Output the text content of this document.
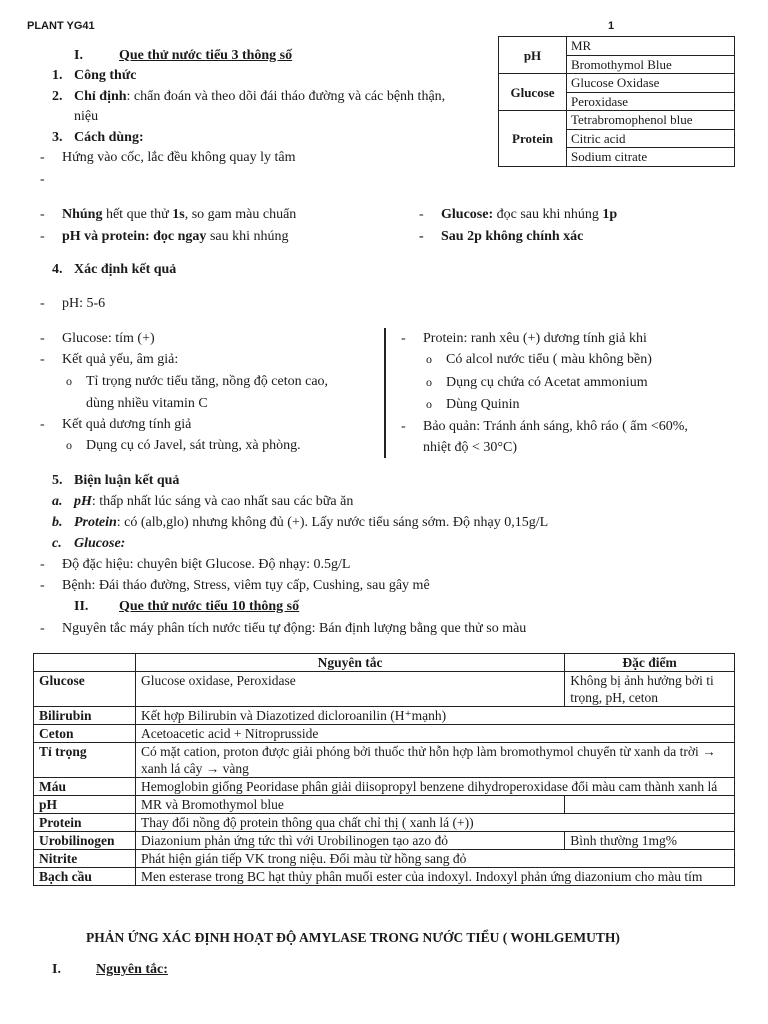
PLANT YG41	1
I.	Que thử nước tiểu 3 thông số
1. Công thức
2. Chỉ định: chẩn đoán và theo dõi đái tháo đường và các bệnh thận,
niệu
3. Cách dùng:
- Hứng vào cốc, lắc đều không quay ly tâm
pH	MR
	Bromothymol Blue
Glucose	Glucose Oxidase
	Peroxidase
Protein	Tetrabromophenol blue
	Citric acid
	Sodium citrate
- Nhúng hết que thử 1s, so gam màu chuẩn	- Glucose: đọc sau khi nhúng 1p
- pH và protein: đọc ngay sau khi nhúng	- Sau 2p không chính xác
4. Xác định kết quả
- pH: 5-6
- Glucose: tím (+)
- Kết quả yếu, âm giả:
o Tỉ trọng nước tiểu tăng, nồng độ ceton cao,
dùng nhiều vitamin C
- Kết quả dương tính giả
o Dụng cụ có Javel, sát trùng, xà phòng.
- Protein: ranh xêu (+) dương tính giả khi
o Có alcol nước tiểu ( màu không bền)
o Dụng cụ chứa có Acetat ammonium
o Dùng Quinin
- Bảo quản: Tránh ánh sáng, khô ráo ( ẩm <60%,
nhiệt độ < 30°C)
5. Biện luận kết quả
a. pH: thấp nhất lúc sáng và cao nhất sau các bữa ăn
b. Protein: có (alb,glo) nhưng không đủ (+). Lấy nước tiểu sáng sớm. Độ nhạy 0,15g/L
c. Glucose:
- Độ đặc hiệu: chuyên biệt Glucose. Độ nhạy: 0.5g/L
- Bệnh: Đái tháo đường, Stress, viêm tụy cấp, Cushing, sau gây mê
II. Que thử nước tiểu 10 thông số
- Nguyên tắc máy phân tích nước tiểu tự động: Bán định lượng bằng que thử so màu
	Nguyên tắc	Đặc điểm
Glucose	Glucose oxidase, Peroxidase	Không bị ảnh hưởng bởi ti trọng, pH, ceton
Bilirubin	Kết hợp Bilirubin và Diazotized dicloroanilin (H⁺mạnh)	
Ceton	Acetoacetic acid + Nitroprusside	
Tỉ trọng	Có mặt cation, proton được giải phóng bởi thuốc thử hỗn hợp làm bromothymol chuyển từ xanh da trời → xanh lá cây → vàng	
Máu	Hemoglobin giống Peoridase phân giải diisopropyl benzene dihydroperoxidase đổi màu cam thành xanh lá	
pH	MR và Bromothymol blue	
Protein	Thay đổi nồng độ protein thông qua chất chỉ thị ( xanh lá (+))	
Urobilinogen	Diazonium phản ứng tức thì với Urobilinogen tạo azo đỏ	Bình thường 1mg%
Nitrite	Phát hiện gián tiếp VK trong niệu. Đổi màu từ hồng sang đỏ	
Bạch cầu	Men esterase trong BC hạt thủy phân muối ester của indoxyl. Indoxyl phản ứng diazonium cho màu tím	
PHẢN ỨNG XÁC ĐỊNH HOẠT ĐỘ AMYLASE TRONG NƯỚC TIỂU ( WOHLGEMUTH)
I.	Nguyên tắc:
